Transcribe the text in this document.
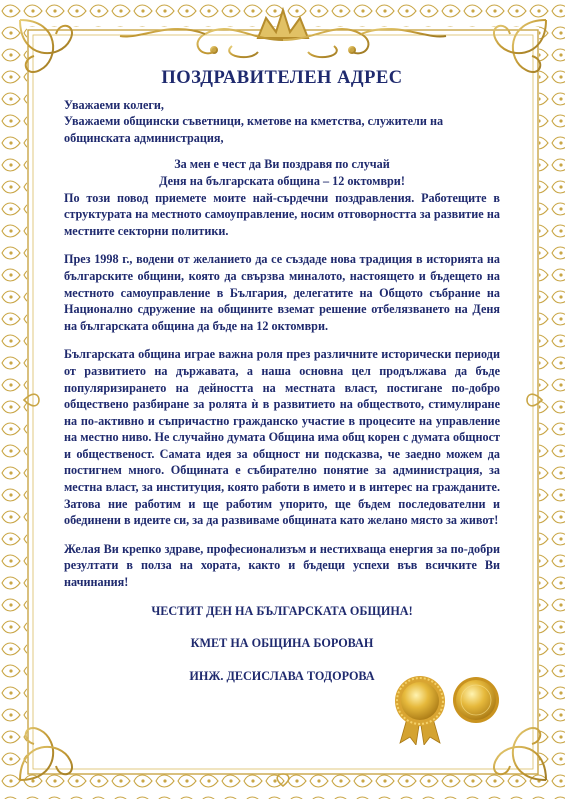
ПОЗДРАВИТЕЛЕН АДРЕС

Уважаеми колеги,

Уважаеми общински съветници, кметове на кметства, служители на общинската администрация,

За мен е чест да Ви поздравя по случай
Деня на българската община – 12 октомври!

По този повод приемете моите най-сърдечни поздравления. Работещите в структурата на местното самоуправление, носим отговорността за развитие на местните секторни политики.

През 1998 г., водени от желанието да се създаде нова традиция в историята на българските общини, която да свързва миналото, настоящето и бъдещето на местното самоуправление в България, делегатите на Общото събрание на Национално сдружение на общините вземат решение отбелязването на Деня на българската община да бъде на 12 октомври.

Българската община играе важна роля през различните исторически периоди от развитието на държавата, а наша основна цел продължава да бъде популяризирането на дейността на местната власт, постигане по-добро обществено разбиране за ролята ѝ в развитието на обществото, стимулиране на по-активно и съпричастно гражданско участие в процесите на управление на местно ниво. Не случайно думата Община има общ корен с думата общност и общественост. Самата идея за общност ни подсказва, че заедно можем да постигнем много. Общината е събирателно понятие за администрация, за местна власт, за институция, която работи в името и в интерес на гражданите. Затова ние работим и ще работим упорито, ще бъдем последователни и обединени в идеите си, за да развиваме общината като желано място за живот!

Желая Ви крепко здраве, професионализъм и нестихваща енергия за по-добри резултати в полза на хората, както и бъдещи успехи във всичките Ви начинания!

ЧЕСТИТ ДЕН НА БЪЛГАРСКАТА ОБЩИНА!

КМЕТ НА ОБЩИНА БОРОВАН

ИНЖ. ДЕСИСЛАВА ТОДОРОВА
